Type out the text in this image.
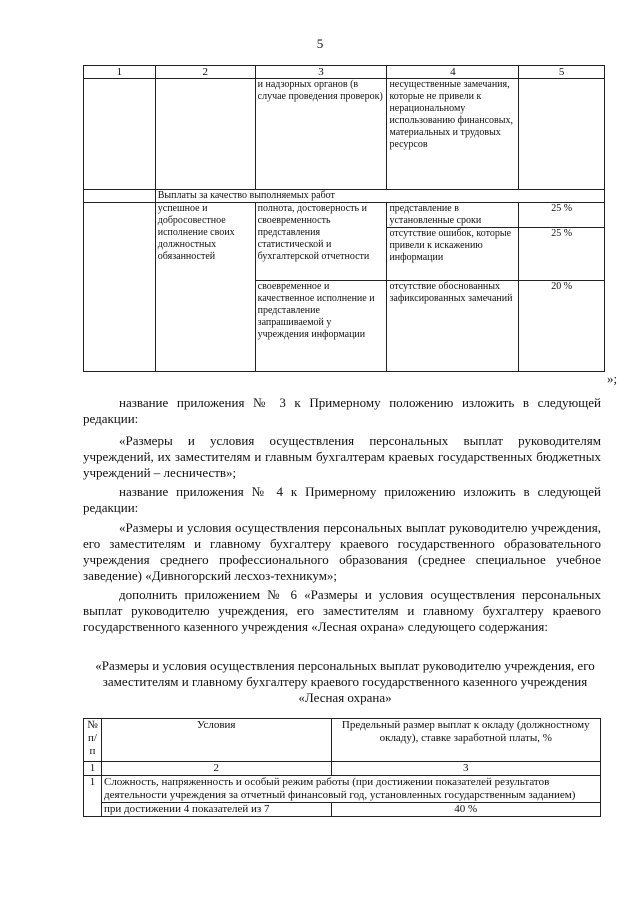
5
1	2	3	4	5
		и надзорных органов (в случае проведения проверок)	несущественные замечания, которые не привели к нерациональному использованию финансовых, материальных и трудовых ресурсов	
	Выплаты за качество выполняемых работ			
	успешное и добросовестное исполнение своих должностных обязанностей	полнота, достоверность и своевременность представления статистической и бухгалтерской отчетности	представление в установленные сроки	25 %
			отсутствие ошибок, которые привели к искажению информации	25 %
		своевременное и качественное исполнение и представление запрашиваемой у учреждения информации	отсутствие обоснованных зафиксированных замечаний	20 %
»;
название приложения № 3 к Примерному положению изложить в следующей редакции:
«Размеры и условия осуществления персональных выплат руководителям учреждений, их заместителям и главным бухгалтерам краевых государственных бюджетных учреждений – лесничеств»;
название приложения № 4 к Примерному приложению изложить в следующей редакции:
«Размеры и условия осуществления персональных выплат руководителю учреждения, его заместителям и главному бухгалтеру краевого государственного образовательного учреждения среднего профессионального образования (среднее специальное учебное заведение) «Дивногорский лесхоз-техникум»;
дополнить приложением № 6 «Размеры и условия осуществления персональных выплат руководителю учреждения, его заместителям и главному бухгалтеру краевого государственного казенного учреждения «Лесная охрана» следующего содержания:
«Размеры и условия осуществления персональных выплат руководителю учреждения, его заместителям и главному бухгалтеру краевого государственного казенного учреждения «Лесная охрана»
№ п/п	Условия	Предельный размер выплат к окладу (должностному окладу), ставке заработной платы, %
1	2	3
1	Сложность, напряженность и особый режим работы (при достижении показателей результатов деятельности учреждения за отчетный финансовый год, установленных государственным заданием)	
	при достижении 4 показателей из 7	40 %
